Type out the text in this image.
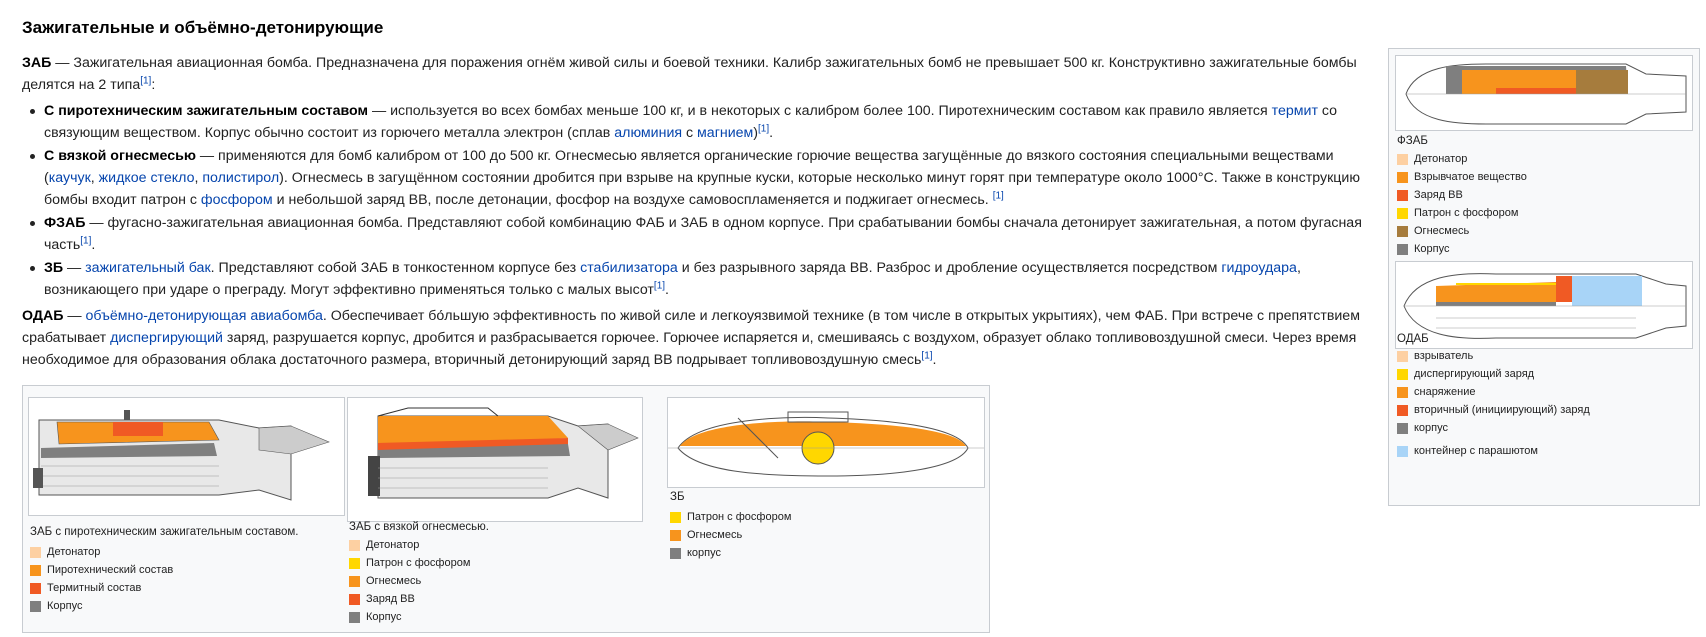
Зажигательные и объёмно-детонирующие

ЗАБ — Зажигательная авиационная бомба. Предназначена для поражения огнём живой силы и боевой техники. Калибр зажигательных бомб не превышает 500 кг. Конструктивно зажигательные бомбы делятся на 2 типа[1]:

С пиротехническим зажигательным составом — используется во всех бомбах меньше 100 кг, и в некоторых с калибром более 100. Пиротехническим составом как правило является термит со связующим веществом. Корпус обычно состоит из горючего металла электрон (сплав алюминия с магнием)[1].
С вязкой огнесмесью — применяются для бомб калибром от 100 до 500 кг. Огнесмесью является органические горючие вещества загущённые до вязкого состояния специальными веществами (каучук, жидкое стекло, полистирол). Огнесмесь в загущённом состоянии дробится при взрыве на крупные куски, которые несколько минут горят при температуре около 1000°C. Также в конструкцию бомбы входит патрон с фосфором и небольшой заряд ВВ, после детонации, фосфор на воздухе самовоспламеняется и поджигает огнесмесь. [1]
ФЗАБ — фугасно-зажигательная авиационная бомба. Представляют собой комбинацию ФАБ и ЗАБ в одном корпусе. При срабатывании бомбы сначала детонирует зажигательная, а потом фугасная часть[1].
ЗБ — зажигательный бак. Представляют собой ЗАБ в тонкостенном корпусе без стабилизатора и без разрывного заряда ВВ. Разброс и дробление осуществляется посредством гидроудара, возникающего при ударе о преграду. Могут эффективно применяться только с малых высот[1].

ОДАБ — объёмно-детонирующая авиабомба. Обеспечивает бо́льшую эффективность по живой силе и легкоуязвимой технике (в том числе в открытых укрытиях), чем ФАБ. При встрече с препятствием срабатывает диспергирующий заряд, разрушается корпус, дробится и разбрасывается горючее. Горючее испаряется и, смешиваясь с воздухом, образует облако топливовоздушной смеси. Через время необходимое для образования облака достаточного размера, вторичный детонирующий заряд ВВ подрывает топливовоздушную смесь[1].

ЗАБ с пиротехническим зажигательным составом.
Детонатор
Пиротехнический состав
Термитный состав
Корпус
ЗАБ с вязкой огнесмесью.
Детонатор
Патрон с фосфором
Огнесмесь
Заряд ВВ
Корпус
ЗБ
Патрон с фосфором
Огнесмесь
корпус
ФЗАБ
Детонатор
Взрывчатое вещество
Заряд ВВ
Патрон с фосфором
Огнесмесь
Корпус
ОДАБ
взрыватель
диспергирующий заряд
снаряжение
вторичный (инициирующий) заряд
корпус
контейнер с парашютом
